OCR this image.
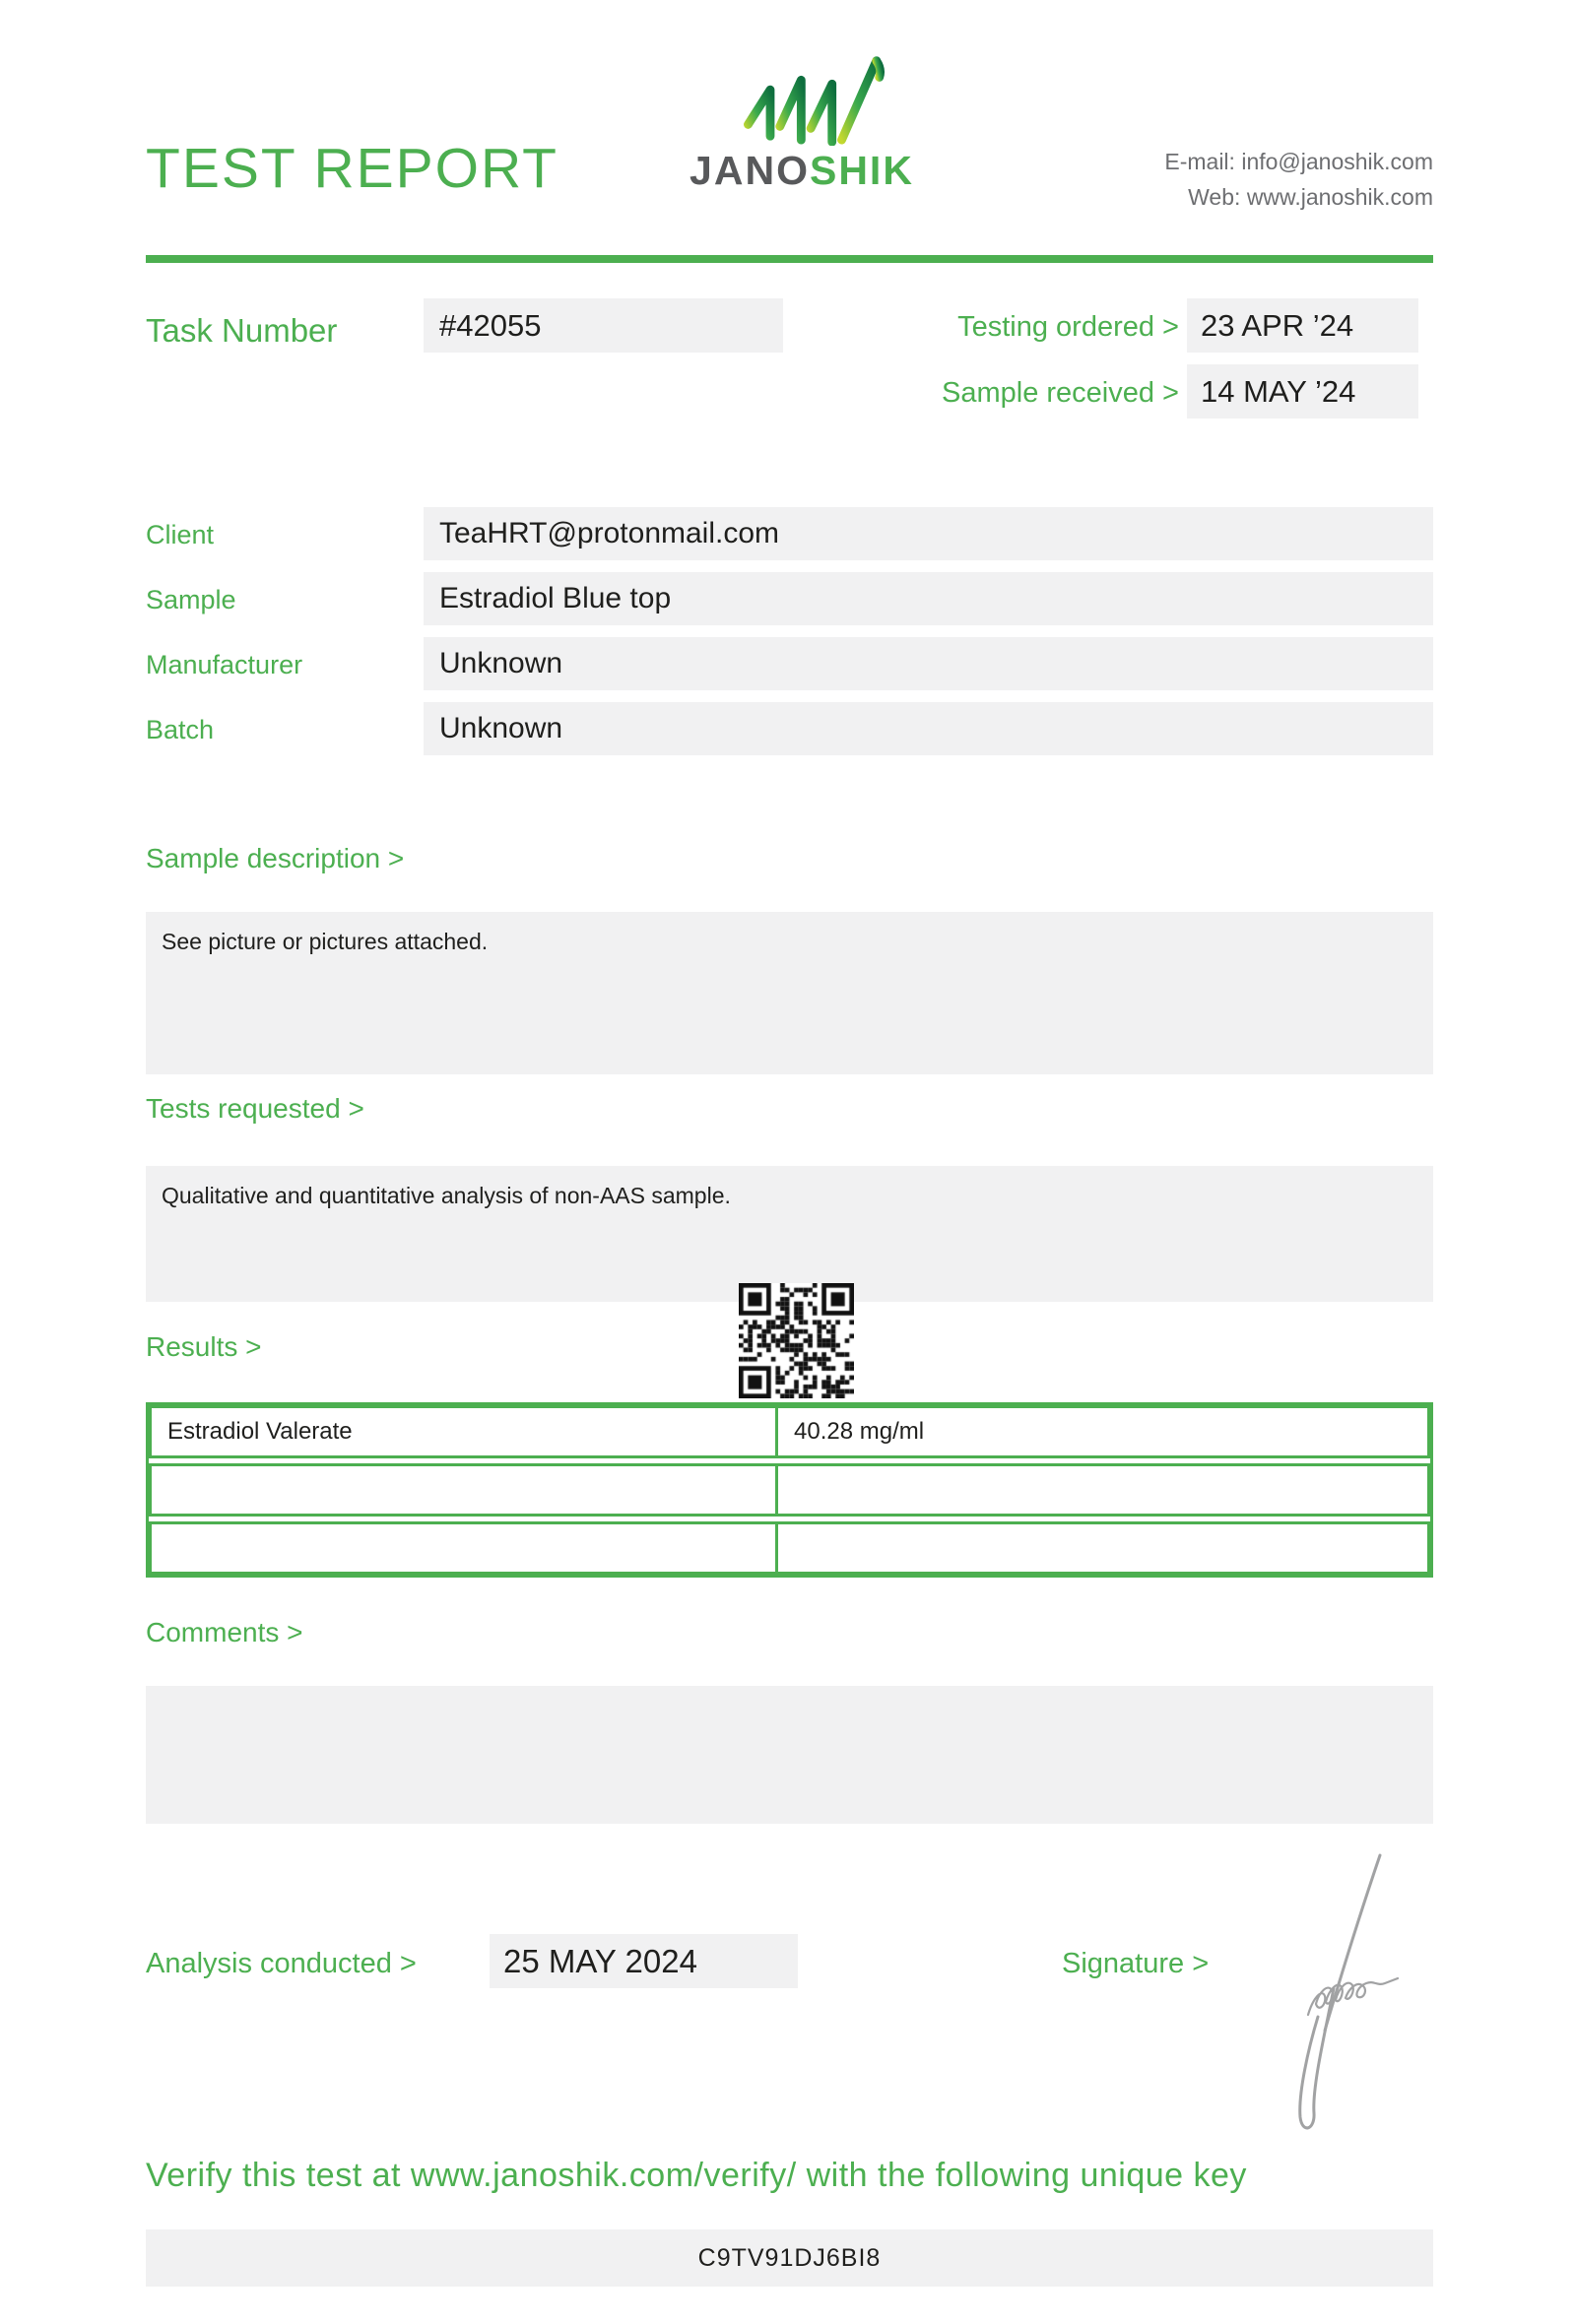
TEST REPORT	JANOSHIK	E-mail: info@janoshik.com
Web: www.janoshik.com
Task Number	#42055	Testing ordered > 23 APR ’24
Sample received > 14 MAY ’24
Client	TeaHRT@protonmail.com
Sample	Estradiol Blue top
Manufacturer	Unknown
Batch	Unknown
Sample description >
See picture or pictures attached.
Tests requested >
Qualitative and quantitative analysis of non-AAS sample.
Results >
Estradiol Valerate	40.28 mg/ml
Comments >
Analysis conducted >	25 MAY 2024	Signature >
Verify this test at www.janoshik.com/verify/ with the following unique key
C9TV91DJ6BI8
